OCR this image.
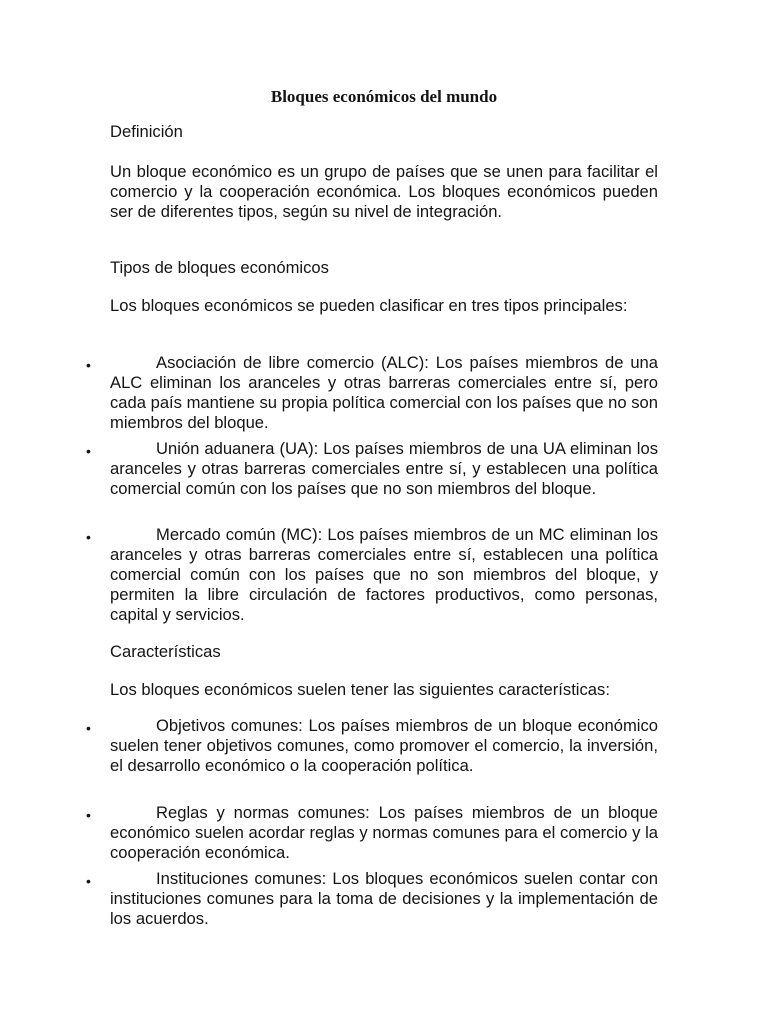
Bloques económicos del mundo
Definición
Un bloque económico es un grupo de países que se unen para facilitar el comercio y la cooperación económica. Los bloques económicos pueden ser de diferentes tipos, según su nivel de integración.
Tipos de bloques económicos
Los bloques económicos se pueden clasificar en tres tipos principales:
•	Asociación de libre comercio (ALC): Los países miembros de una ALC eliminan los aranceles y otras barreras comerciales entre sí, pero cada país mantiene su propia política comercial con los países que no son miembros del bloque.
•	Unión aduanera (UA): Los países miembros de una UA eliminan los aranceles y otras barreras comerciales entre sí, y establecen una política comercial común con los países que no son miembros del bloque.
•	Mercado común (MC): Los países miembros de un MC eliminan los aranceles y otras barreras comerciales entre sí, establecen una política comercial común con los países que no son miembros del bloque, y permiten la libre circulación de factores productivos, como personas, capital y servicios.
Características
Los bloques económicos suelen tener las siguientes características:
•	Objetivos comunes: Los países miembros de un bloque económico suelen tener objetivos comunes, como promover el comercio, la inversión, el desarrollo económico o la cooperación política.
•	Reglas y normas comunes: Los países miembros de un bloque económico suelen acordar reglas y normas comunes para el comercio y la cooperación económica.
•	Instituciones comunes: Los bloques económicos suelen contar con instituciones comunes para la toma de decisiones y la implementación de los acuerdos.
